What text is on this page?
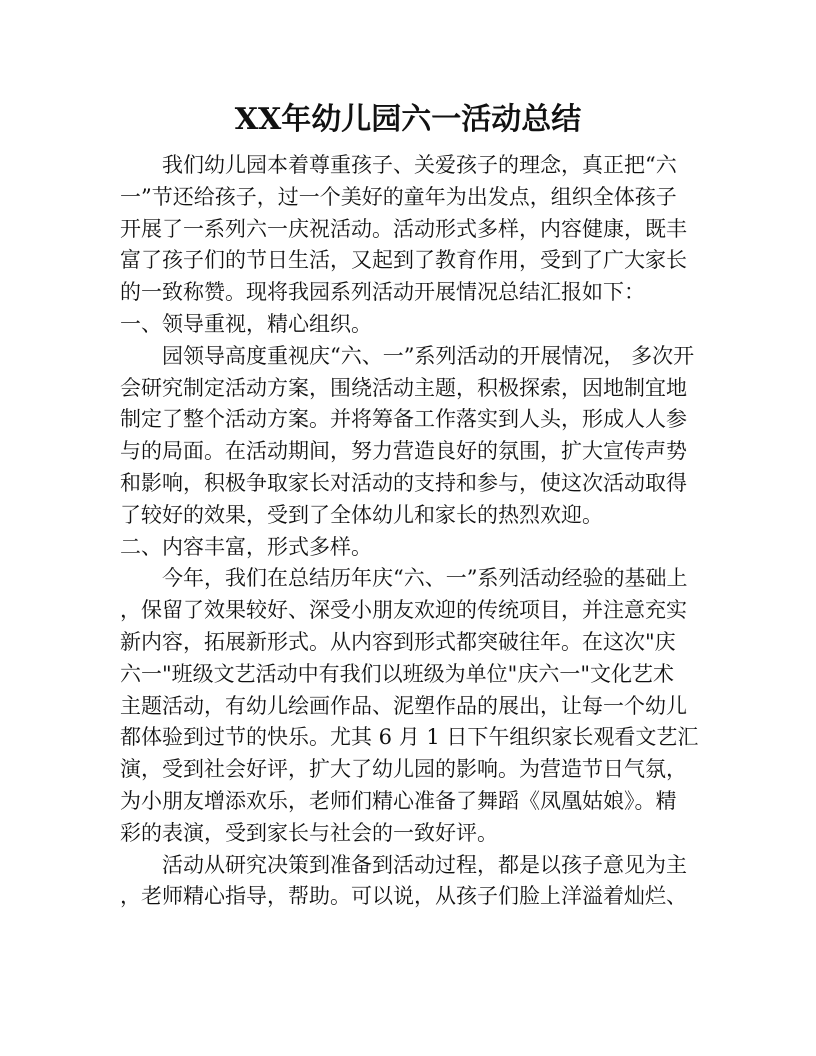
XX年幼儿园六一活动总结
我们幼儿园本着尊重孩子、关爱孩子的理念，真正把“六
一”节还给孩子，过一个美好的童年为出发点，组织全体孩子
开展了一系列六一庆祝活动。活动形式多样，内容健康，既丰
富了孩子们的节日生活，又起到了教育作用，受到了广大家长
的一致称赞。现将我园系列活动开展情况总结汇报如下：
一、领导重视，精心组织。
园领导高度重视庆“六、一”系列活动的开展情况， 多次开
会研究制定活动方案，围绕活动主题，积极探索，因地制宜地
制定了整个活动方案。并将筹备工作落实到人头，形成人人参
与的局面。在活动期间，努力营造良好的氛围，扩大宣传声势
和影响，积极争取家长对活动的支持和参与，使这次活动取得
了较好的效果，受到了全体幼儿和家长的热烈欢迎。
二、内容丰富，形式多样。
今年，我们在总结历年庆“六、一”系列活动经验的基础上
，保留了效果较好、深受小朋友欢迎的传统项目，并注意充实
新内容，拓展新形式。从内容到形式都突破往年。在这次"庆
六一"班级文艺活动中有我们以班级为单位"庆六一"文化艺术
主题活动，有幼儿绘画作品、泥塑作品的展出，让每一个幼儿
都体验到过节的快乐。尤其 6 月 1 日下午组织家长观看文艺汇
演，受到社会好评，扩大了幼儿园的影响。为营造节日气氛，
为小朋友增添欢乐，老师们精心准备了舞蹈《凤凰姑娘》。精
彩的表演，受到家长与社会的一致好评。
活动从研究决策到准备到活动过程，都是以孩子意见为主
，老师精心指导，帮助。可以说，从孩子们脸上洋溢着灿烂、
